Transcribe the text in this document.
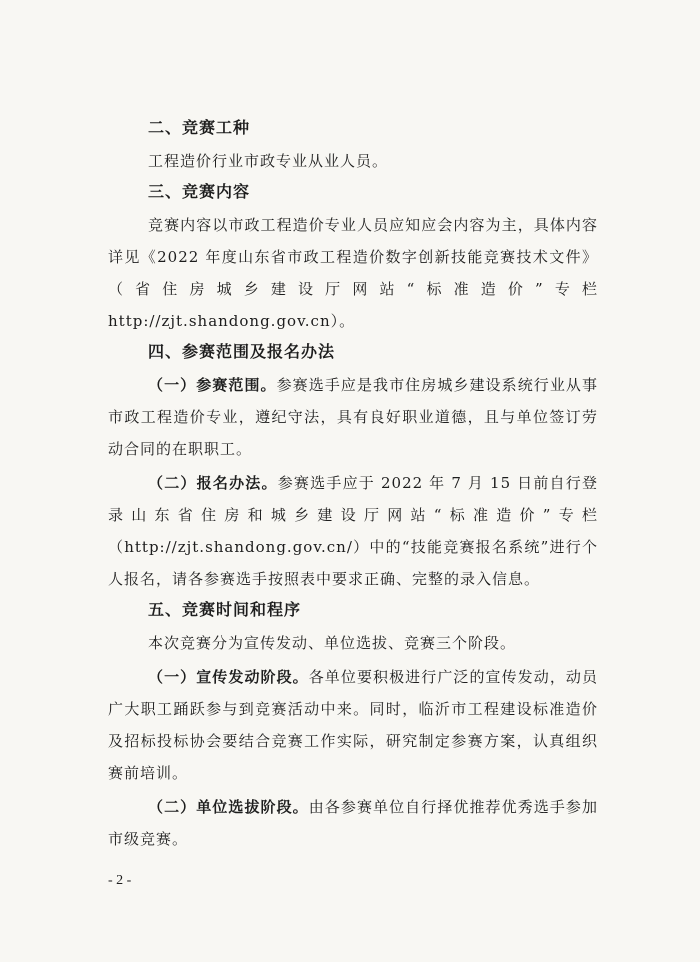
二、竞赛工种
工程造价行业市政专业从业人员。
三、竞赛内容
竞赛内容以市政工程造价专业人员应知应会内容为主，具体内容详见《2022 年度山东省市政工程造价数字创新技能竞赛技术文件》（省住房城乡建设厅网站“标准造价”专栏http://zjt.shandong.gov.cn）。
四、参赛范围及报名办法
（一）参赛范围。参赛选手应是我市住房城乡建设系统行业从事市政工程造价专业，遵纪守法，具有良好职业道德，且与单位签订劳动合同的在职职工。
（二）报名办法。参赛选手应于 2022 年 7 月 15 日前自行登录山东省住房和城乡建设厅网站“标准造价”专栏（http://zjt.shandong.gov.cn/）中的“技能竞赛报名系统”进行个人报名，请各参赛选手按照表中要求正确、完整的录入信息。
五、竞赛时间和程序
本次竞赛分为宣传发动、单位选拔、竞赛三个阶段。
（一）宣传发动阶段。各单位要积极进行广泛的宣传发动，动员广大职工踊跃参与到竞赛活动中来。同时，临沂市工程建设标准造价及招标投标协会要结合竞赛工作实际，研究制定参赛方案，认真组织赛前培训。
（二）单位选拔阶段。由各参赛单位自行择优推荐优秀选手参加市级竞赛。
- 2 -
